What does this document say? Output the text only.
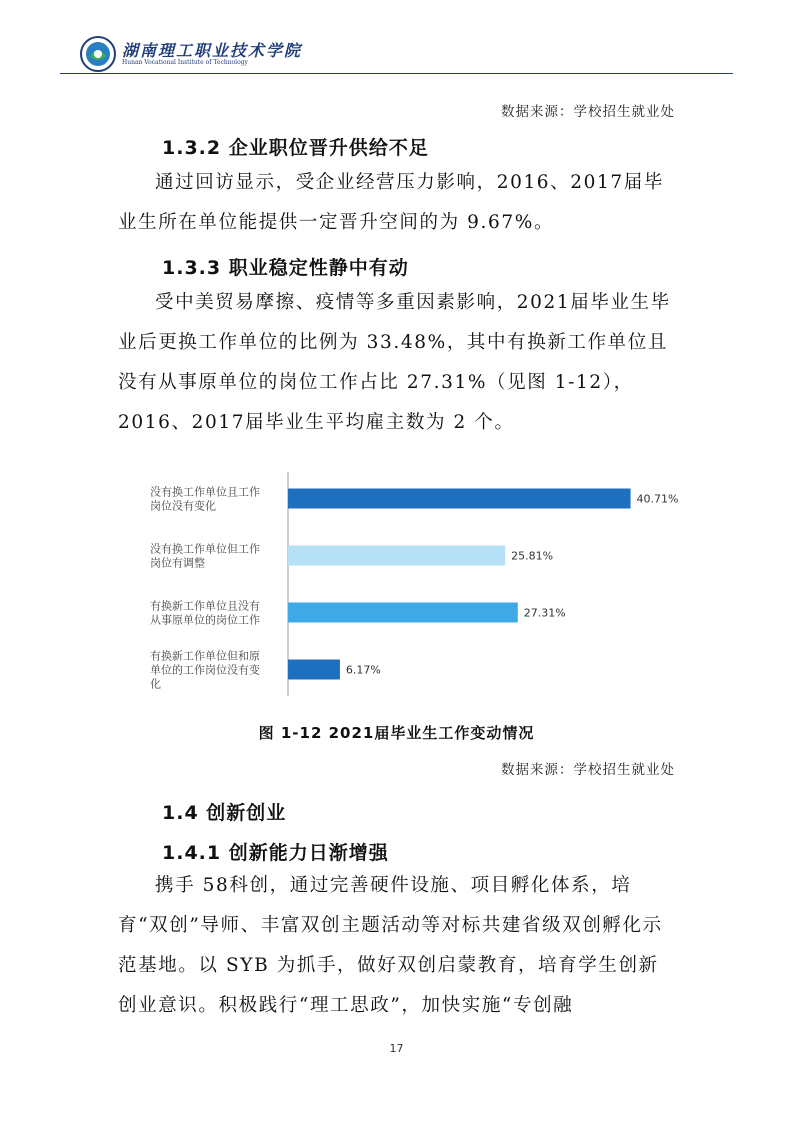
湖南理工职业技术学院
Hunan Vocational Institute of Technology
数据来源：学校招生就业处
1.3.2 企业职位晋升供给不足

通过回访显示，受企业经营压力影响，2016、2017届毕业生所在单位能提供一定晋升空间的为 9.67%。

1.3.3 职业稳定性静中有动

受中美贸易摩擦、疫情等多重因素影响，2021届毕业生毕业后更换工作单位的比例为 33.48%，其中有换新工作单位且没有从事原单位的岗位工作占比 27.31%（见图 1-12），2016、2017届毕业生平均雇主数为 2 个。

40.71%
没有换工作单位且工作
岗位没有变化
25.81%
没有换工作单位但工作
岗位有调整
27.31%
有换新工作单位且没有
从事原单位的岗位工作
6.17%
有换新工作单位但和原
单位的工作岗位没有变
化
图 1-12 2021届毕业生工作变动情况
数据来源：学校招生就业处
1.4 创新创业
1.4.1 创新能力日渐增强

携手 58科创，通过完善硬件设施、项目孵化体系，培育“双创”导师、丰富双创主题活动等对标共建省级双创孵化示范基地。以 SYB 为抓手，做好双创启蒙教育，培育学生创新创业意识。积极践行“理工思政”，加快实施“专创融

17
